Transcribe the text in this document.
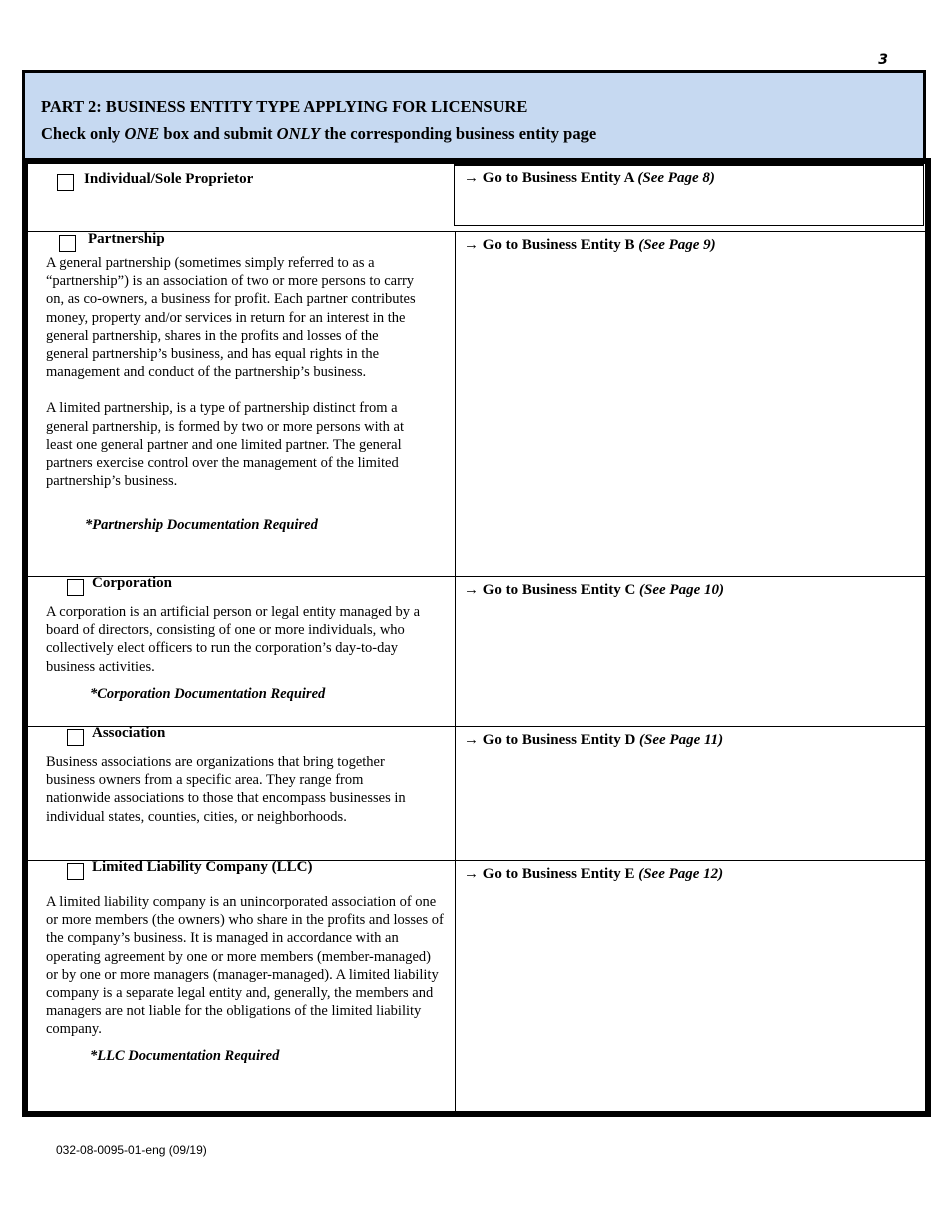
3
PART 2: BUSINESS ENTITY TYPE APPLYING FOR LICENSURE
Check only ONE box and submit ONLY the corresponding business entity page
Individual/Sole Proprietor	→ Go to Business Entity A (See Page 8)
Partnership

A general partnership (sometimes simply referred to as a “partnership”) is an association of two or more persons to carry on, as co-owners, a business for profit. Each partner contributes money, property and/or services in return for an interest in the general partnership, shares in the profits and losses of the general partnership’s business, and has equal rights in the management and conduct of the partnership’s business.

A limited partnership, is a type of partnership distinct from a general partnership, is formed by two or more persons with at least one general partner and one limited partner. The general partners exercise control over the management of the limited partnership’s business.

*Partnership Documentation Required
→ Go to Business Entity B (See Page 9)
Corporation
A corporation is an artificial person or legal entity managed by a board of directors, consisting of one or more individuals, who collectively elect officers to run the corporation’s day-to-day business activities.
*Corporation Documentation Required
→ Go to Business Entity C (See Page 10)
Association
Business associations are organizations that bring together business owners from a specific area. They range from nationwide associations to those that encompass businesses in individual states, counties, cities, or neighborhoods.
→ Go to Business Entity D (See Page 11)
Limited Liability Company (LLC)
A limited liability company is an unincorporated association of one or more members (the owners) who share in the profits and losses of the company’s business. It is managed in accordance with an operating agreement by one or more members (member-managed) or by one or more managers (manager-managed). A limited liability company is a separate legal entity and, generally, the members and managers are not liable for the obligations of the limited liability company.
*LLC Documentation Required
→ Go to Business Entity E (See Page 12)
032-08-0095-01-eng (09/19)
